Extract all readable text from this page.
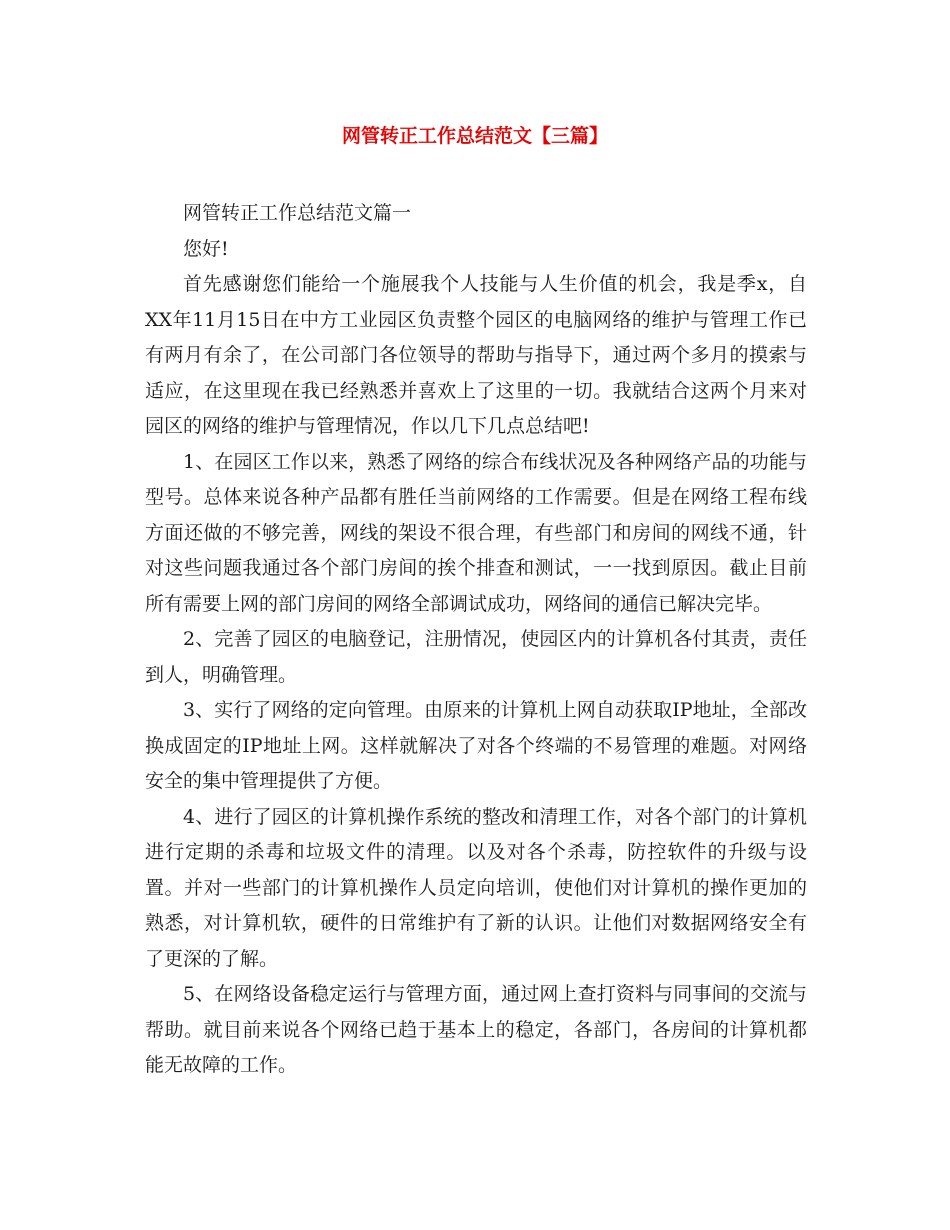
网管转正工作总结范文【三篇】

网管转正工作总结范文篇一

您好!

首先感谢您们能给一个施展我个人技能与人生价值的机会，我是季x，自XX年11月15日在中方工业园区负责整个园区的电脑网络的维护与管理工作已有两月有余了，在公司部门各位领导的帮助与指导下，通过两个多月的摸索与适应，在这里现在我已经熟悉并喜欢上了这里的一切。我就结合这两个月来对园区的网络的维护与管理情况，作以几下几点总结吧!

1、在园区工作以来，熟悉了网络的综合布线状况及各种网络产品的功能与型号。总体来说各种产品都有胜任当前网络的工作需要。但是在网络工程布线方面还做的不够完善，网线的架设不很合理，有些部门和房间的网线不通，针对这些问题我通过各个部门房间的挨个排查和测试，一一找到原因。截止目前所有需要上网的部门房间的网络全部调试成功，网络间的通信已解决完毕。

2、完善了园区的电脑登记，注册情况，使园区内的计算机各付其责，责任到人，明确管理。

3、实行了网络的定向管理。由原来的计算机上网自动获取IP地址，全部改换成固定的IP地址上网。这样就解决了对各个终端的不易管理的难题。对网络安全的集中管理提供了方便。

4、进行了园区的计算机操作系统的整改和清理工作，对各个部门的计算机进行定期的杀毒和垃圾文件的清理。以及对各个杀毒，防控软件的升级与设置。并对一些部门的计算机操作人员定向培训，使他们对计算机的操作更加的熟悉，对计算机软，硬件的日常维护有了新的认识。让他们对数据网络安全有了更深的了解。

5、在网络设备稳定运行与管理方面，通过网上查打资料与同事间的交流与帮助。就目前来说各个网络已趋于基本上的稳定，各部门，各房间的计算机都能无故障的工作。
